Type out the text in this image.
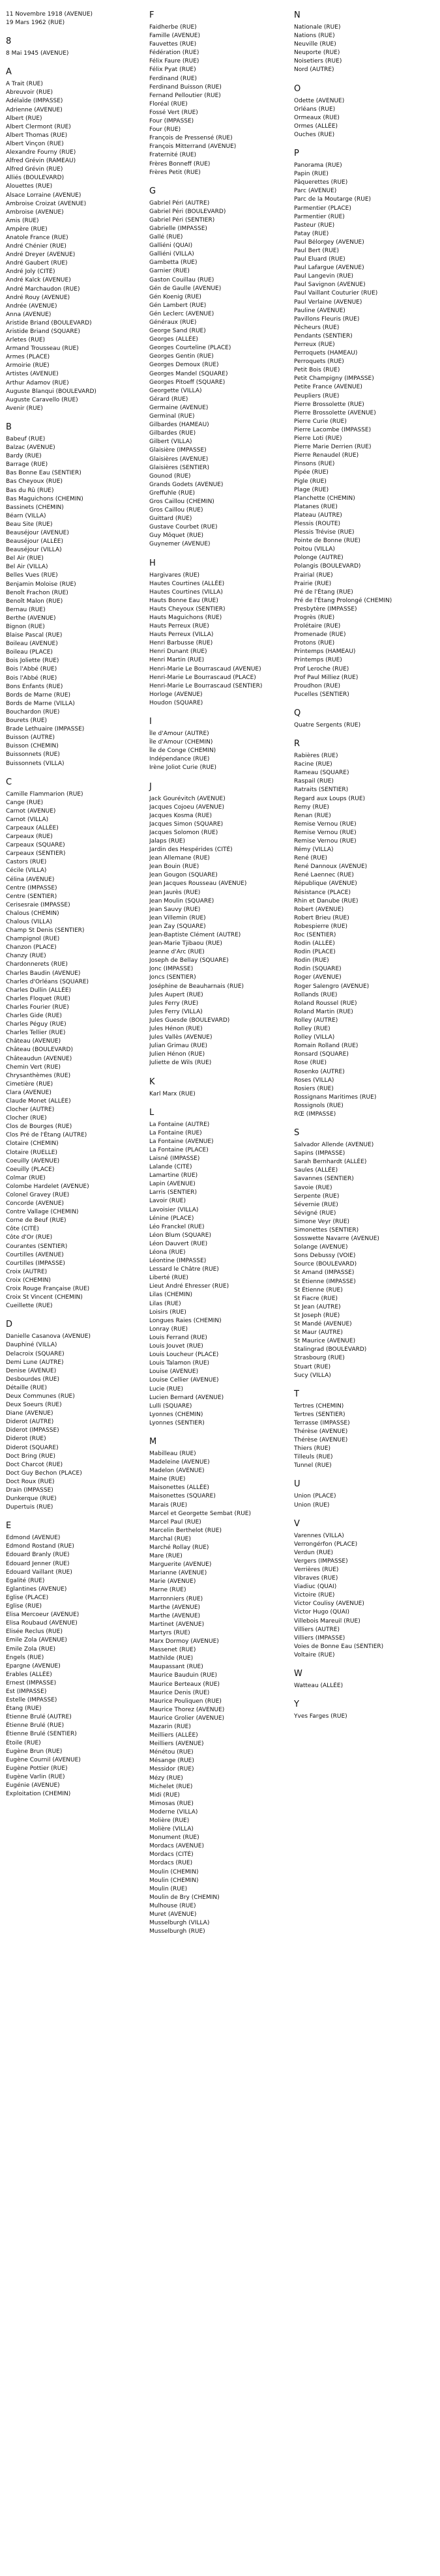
11 Novembre 1918 (AVENUE)
19 Mars 1962 (RUE)
8
8 Mai 1945 (AVENUE)
A
A Trait (RUE)
Abreuvoir (RUE)
Adélaïde (IMPASSE)
Adrienne (AVENUE)
Albert (RUE)
Albert Clermont (RUE)
Albert Thomas (RUE)
Albert Vinçon (RUE)
Alexandre Fourny (RUE)
Alfred Grévin (RAMEAU)
Alfred Grévin (RUE)
Alliés (BOULEVARD)
Alouettes (RUE)
Alsace Lorraine (AVENUE)
Ambroise Croizat (AVENUE)
Ambroise (AVENUE)
Amis (RUE)
Ampère (RUE)
Anatole France (RUE)
André Chénier (RUE)
André Dreyer (AVENUE)
André Gaubert (RUE)
André Joly (CITÉ)
André Kalck (AVENUE)
André Marchaudon (RUE)
André Rouy (AVENUE)
Andrée (AVENUE)
Anna (AVENUE)
Aristide Briand (BOULEVARD)
Aristide Briand (SQUARE)
Arletes (RUE)
Armand Trousseau (RUE)
Armes (PLACE)
Armoirie (RUE)
Artistes (AVENUE)
Arthur Adamov (RUE)
Auguste Blanqui (BOULEVARD)
Auguste Caravello (RUE)
Avenir (RUE)
B
Babeuf (RUE)
Balzac (AVENUE)
Bardy (RUE)
Barrage (RUE)
Bas Bonne Eau (SENTIER)
Bas Cheyoux (RUE)
Bas du Rû (RUE)
Bas Maguichons (CHEMIN)
Bassinets (CHEMIN)
Béarn (VILLA)
Beau Site (RUE)
Beauséjour (AVENUE)
Beauséjour (ALLÉE)
Beauséjour (VILLA)
Bel Air (RUE)
Bel Air (VILLA)
Belles Vues (RUE)
Benjamin Moloise (RUE)
Benoît Frachon (RUE)
Benoît Malon (RUE)
Bernau (RUE)
Berthe (AVENUE)
Bignon (RUE)
Blaise Pascal (RUE)
Boileau (AVENUE)
Boileau (PLACE)
Bois Joliette (RUE)
Bois l'Abbé (RUE)
Bois l'Abbé (RUE)
Bons Enfants (RUE)
Bords de Marne (RUE)
Bords de Marne (VILLA)
Bouchardon (RUE)
Bourets (RUE)
Brade Lethuaire (IMPASSE)
Buisson (AUTRE)
Buisson (CHEMIN)
Buissonnets (RUE)
Buissonnets (VILLA)
C
Camille Flammarion (RUE)
Cange (RUE)
Carnot (AVENUE)
Carnot (VILLA)
Carpeaux (ALLÉE)
Carpeaux (RUE)
Carpeaux (SQUARE)
Carpeaux (SENTIER)
Castors (RUE)
Cécile (VILLA)
Célina (AVENUE)
Centre (IMPASSE)
Centre (SENTIER)
Cerisesraie (IMPASSE)
Chalous (CHEMIN)
Chalous (VILLA)
Champ St Denis (SENTIER)
Champignol (RUE)
Chanzon (PLACE)
Chanzy (RUE)
Chardonnerets (RUE)
Charles Baudin (AVENUE)
Charles d'Orléans (SQUARE)
Charles Dullin (ALLÉE)
Charles Floquet (RUE)
Charles Fourier (RUE)
Charles Gide (RUE)
Charles Péguy (RUE)
Charles Tellier (RUE)
Château (AVENUE)
Château (BOULEVARD)
Châteaudun (AVENUE)
Chemin Vert (RUE)
Chrysanthèmes (RUE)
Cimetière (RUE)
Clara (AVENUE)
Claude Monet (ALLÉE)
Clocher (AUTRE)
Clocher (RUE)
Clos de Bourges (RUE)
Clos Pré de l'Étang (AUTRE)
Clotaire (CHEMIN)
Clotaire (RUELLE)
Coeuilly (AVENUE)
Coeuilly (PLACE)
Colmar (RUE)
Colombe Hardelet (AVENUE)
Colonel Gravey (RUE)
Concorde (AVENUE)
Contre Vallage (CHEMIN)
Corne de Beuf (RUE)
Côte (CITÉ)
Côte d'Or (RUE)
Courantes (SENTIER)
Courtilles (AVENUE)
Courtilles (IMPASSE)
Croix (AUTRE)
Croix (CHEMIN)
Croix Rouge Française (RUE)
Croix St Vincent (CHEMIN)
Cueillette (RUE)
D
Danielle Casanova (AVENUE)
Dauphiné (VILLA)
Delacroix (SQUARE)
Demi Lune (AUTRE)
Denise (AVENUE)
Desbourdes (RUE)
Détaille (RUE)
Deux Communes (RUE)
Deux Soeurs (RUE)
Diane (AVENUE)
Diderot (AUTRE)
Diderot (IMPASSE)
Diderot (RUE)
Diderot (SQUARE)
Doct Bring (RUE)
Doct Charcot (RUE)
Doct Guy Bechon (PLACE)
Doct Roux (RUE)
Drain (IMPASSE)
Dunkerque (RUE)
Dupertuis (RUE)
E
Edmond (AVENUE)
Edmond Rostand (RUE)
Edouard Branly (RUE)
Edouard Jenner (RUE)
Edouard Vaillant (RUE)
Egalité (RUE)
Eglantines (AVENUE)
Eglise (PLACE)
Eglise (RUE)
Elisa Mercoeur (AVENUE)
Elisa Roubaud (AVENUE)
Elisée Reclus (RUE)
Emile Zola (AVENUE)
Emile Zola (RUE)
Engels (RUE)
Epargne (AVENUE)
Erables (ALLÉE)
Ernest (IMPASSE)
Est (IMPASSE)
Estelle (IMPASSE)
Étang (RUE)
Étienne Brulé (AUTRE)
Étienne Brulé (RUE)
Étienne Brulé (SENTIER)
Étoile (RUE)
Eugène Brun (RUE)
Eugène Cournil (AVENUE)
Eugène Pottier (RUE)
Eugène Varlin (RUE)
Eugénie (AVENUE)
Exploitation (CHEMIN)
F
Faidherbe (RUE)
Famille (AVENUE)
Fauvettes (RUE)
Fédération (RUE)
Félix Faure (RUE)
Félix Pyat (RUE)
Ferdinand (RUE)
Ferdinand Buisson (RUE)
Fernand Pelloutier (RUE)
Floréal (RUE)
Fossé Vert (RUE)
Four (IMPASSE)
Four (RUE)
François de Pressensé (RUE)
François Mitterrand (AVENUE)
Fraternité (RUE)
Frères Bonneff (RUE)
Frères Petit (RUE)
G
Gabriel Péri (AUTRE)
Gabriel Péri (BOULEVARD)
Gabriel Péri (SENTIER)
Gabrielle (IMPASSE)
Gallé (RUE)
Galliéni (QUAI)
Galliéni (VILLA)
Gambetta (RUE)
Garnier (RUE)
Gaston Couillau (RUE)
Gén de Gaulle (AVENUE)
Gén Koenig (RUE)
Gén Lambert (RUE)
Gén Leclerc (AVENUE)
Généraux (RUE)
George Sand (RUE)
Georges (ALLÉE)
Georges Courteline (PLACE)
Georges Gentin (RUE)
Georges Demoux (RUE)
Georges Mandel (SQUARE)
Georges Pitoeff (SQUARE)
Georgette (VILLA)
Gérard (RUE)
Germaine (AVENUE)
Germinal (RUE)
Gilbardes (HAMEAU)
Gilbardes (RUE)
Gilbert (VILLA)
Glaisière (IMPASSE)
Glaisières (AVENUE)
Glaisières (SENTIER)
Gounod (RUE)
Grands Godets (AVENUE)
Greffuhle (RUE)
Gros Caillou (CHEMIN)
Gros Caillou (RUE)
Guittard (RUE)
Gustave Courbet (RUE)
Guy Môquet (RUE)
Guynemer (AVENUE)
H
Hargivares (RUE)
Hautes Courtines (ALLÉE)
Hautes Courtines (VILLA)
Hauts Bonne Eau (RUE)
Hauts Cheyoux (SENTIER)
Hauts Maguichons (RUE)
Hauts Perreux (RUE)
Hauts Perreux (VILLA)
Henri Barbusse (RUE)
Henri Dunant (RUE)
Henri Martin (RUE)
Henri-Marie Le Bourrascaud (AVENUE)
Henri-Marie Le Bourrascaud (PLACE)
Henri-Marie Le Bourrascaud (SENTIER)
Horloge (AVENUE)
Houdon (SQUARE)
I
Île d'Amour (AUTRE)
Île d'Amour (CHEMIN)
Île de Conge (CHEMIN)
Indépendance (RUE)
Irène Joliot Curie (RUE)
J
Jack Gourévitch (AVENUE)
Jacques Cojoeu (AVENUE)
Jacques Kosma (RUE)
Jacques Simon (SQUARE)
Jacques Solomon (RUE)
Jalaps (RUE)
Jardin des Hespérides (CITÉ)
Jean Allemane (RUE)
Jean Bouin (RUE)
Jean Gougon (SQUARE)
Jean Jacques Rousseau (AVENUE)
Jean Jaurès (RUE)
Jean Moulin (SQUARE)
Jean Sauvy (RUE)
Jean Villemin (RUE)
Jean Zay (SQUARE)
Jean-Baptiste Clément (AUTRE)
Jean-Marie Tjibaou (RUE)
Jeanne d'Arc (RUE)
Joseph de Bellay (SQUARE)
Jonc (IMPASSE)
Joncs (SENTIER)
Joséphine de Beauharnais (RUE)
Jules Aupert (RUE)
Jules Ferry (RUE)
Jules Ferry (VILLA)
Jules Guesde (BOULEVARD)
Jules Hénon (RUE)
Jules Vallès (AVENUE)
Julian Grimau (RUE)
Julien Hénon (RUE)
Juliette de Wils (RUE)
K
Karl Marx (RUE)
L
La Fontaine (AUTRE)
La Fontaine (RUE)
La Fontaine (AVENUE)
La Fontaine (PLACE)
Laisné (IMPASSE)
Lalande (CITÉ)
Lamartine (RUE)
Lapin (AVENUE)
Larris (SENTIER)
Lavoir (RUE)
Lavoisier (VILLA)
Lénine (PLACE)
Léo Franckel (RUE)
Léon Blum (SQUARE)
Léon Dauvert (RUE)
Léona (RUE)
Léontine (IMPASSE)
Lessard le Châtre (RUE)
Liberté (RUE)
Lieut André Ehresser (RUE)
Lilas (CHEMIN)
Lilas (RUE)
Loisirs (RUE)
Longues Raies (CHEMIN)
Lonray (RUE)
Louis Ferrand (RUE)
Louis Jouvet (RUE)
Louis Loucheur (PLACE)
Louis Talamon (RUE)
Louise (AVENUE)
Louise Cellier (AVENUE)
Lucie (RUE)
Lucien Bernard (AVENUE)
Lulli (SQUARE)
Lyonnes (CHEMIN)
Lyonnes (SENTIER)
M
Mabilleau (RUE)
Madeleine (AVENUE)
Madelon (AVENUE)
Maine (RUE)
Maisonettes (ALLÉE)
Maisonettes (SQUARE)
Marais (RUE)
Marcel et Georgette Sembat (RUE)
Marcel Paul (RUE)
Marcelin Berthelot (RUE)
Marchal (RUE)
Marché Rollay (RUE)
Mare (RUE)
Marguerite (AVENUE)
Marianne (AVENUE)
Marie (AVENUE)
Marne (RUE)
Marronniers (RUE)
Marthe (AVENUE)
Marthe (AVENUE)
Martinet (AVENUE)
Martyrs (RUE)
Marx Dormoy (AVENUE)
Massenet (RUE)
Mathilde (RUE)
Maupassant (RUE)
Maurice Bauduin (RUE)
Maurice Berteaux (RUE)
Maurice Denis (RUE)
Maurice Pouliquen (RUE)
Maurice Thorez (AVENUE)
Maurice Grolier (AVENUE)
Mazarin (RUE)
Meilliers (ALLÉE)
Meilliers (AVENUE)
Ménétou (RUE)
Mésange (RUE)
Messidor (RUE)
Mézy (RUE)
Michelet (RUE)
Midi (RUE)
Mimosas (RUE)
Moderne (VILLA)
Molière (RUE)
Molière (VILLA)
Monument (RUE)
Mordacs (AVENUE)
Mordacs (CITÉ)
Mordacs (RUE)
Moulin (CHEMIN)
Moulin (CHEMIN)
Moulin (RUE)
Moulin de Bry (CHEMIN)
Mulhouse (RUE)
Muret (AVENUE)
Musselburgh (VILLA)
Musselburgh (RUE)
N
Nationale (RUE)
Nations (RUE)
Neuville (RUE)
Neuporte (RUE)
Noisetiers (RUE)
Nord (AUTRE)
O
Odette (AVENUE)
Orléans (RUE)
Ormeaux (RUE)
Ormes (ALLÉE)
Ouches (RUE)
P
Panorama (RUE)
Papin (RUE)
Pâquerettes (RUE)
Parc (AVENUE)
Parc de la Moutarge (RUE)
Parmentier (PLACE)
Parmentier (RUE)
Pasteur (RUE)
Patay (RUE)
Paul Bélorgey (AVENUE)
Paul Bert (RUE)
Paul Eluard (RUE)
Paul Lafargue (AVENUE)
Paul Langevin (RUE)
Paul Savignon (AVENUE)
Paul Vaillant Couturier (RUE)
Paul Verlaine (AVENUE)
Pauline (AVENUE)
Pavillons Fleuris (RUE)
Pêcheurs (RUE)
Pendants (SENTIER)
Perreux (RUE)
Perroquets (HAMEAU)
Perroquets (RUE)
Petit Bois (RUE)
Petit Champigny (IMPASSE)
Petite France (AVENUE)
Peupliers (RUE)
Pierre Brossolette (RUE)
Pierre Brossolette (AVENUE)
Pierre Curie (RUE)
Pierre Lacombe (IMPASSE)
Pierre Loti (RUE)
Pierre Marie Derrien (RUE)
Pierre Renaudel (RUE)
Pinsons (RUE)
Pipée (RUE)
Pigle (RUE)
Plage (RUE)
Planchette (CHEMIN)
Platanes (RUE)
Plateau (AUTRE)
Plessis (ROUTE)
Plessis Trévise (RUE)
Pointe de Bonne (RUE)
Poitou (VILLA)
Polonge (AUTRE)
Polangis (BOULEVARD)
Prairial (RUE)
Prairie (RUE)
Pré de l'Étang (RUE)
Pré de l'Étang Prolongé (CHEMIN)
Presbytère (IMPASSE)
Progrès (RUE)
Prolétaire (RUE)
Promenade (RUE)
Protons (RUE)
Printemps (HAMEAU)
Printemps (RUE)
Prof Leroche (RUE)
Prof Paul Milliez (RUE)
Proudhon (RUE)
Pucelles (SENTIER)
Q
Quatre Sergents (RUE)
R
Rabières (RUE)
Racine (RUE)
Rameau (SQUARE)
Raspail (RUE)
Ratraits (SENTIER)
Regard aux Loups (RUE)
Remy (RUE)
Renan (RUE)
Remise Vernou (RUE)
Remise Vernou (RUE)
Remise Vernou (RUE)
Rémy (VILLA)
René (RUE)
René Dannoux (AVENUE)
René Laennec (RUE)
République (AVENUE)
Résistance (PLACE)
Rhin et Danube (RUE)
Robert (AVENUE)
Robert Brieu (RUE)
Robespierre (RUE)
Roc (SENTIER)
Rodin (ALLÉE)
Rodin (PLACE)
Rodin (RUE)
Rodin (SQUARE)
Roger (AVENUE)
Roger Salengro (AVENUE)
Rollands (RUE)
Roland Roussel (RUE)
Roland Martin (RUE)
Rolley (AUTRE)
Rolley (RUE)
Rolley (VILLA)
Romain Rolland (RUE)
Ronsard (SQUARE)
Rose (RUE)
Rosenko (AUTRE)
Roses (VILLA)
Rosiers (RUE)
Rossignans Maritimes (RUE)
Rossignols (RUE)
RŒ (IMPASSE)
S
Salvador Allende (AVENUE)
Sapins (IMPASSE)
Sarah Bernhardt (ALLÉE)
Saules (ALLÉE)
Savannes (SENTIER)
Savoie (RUE)
Serpente (RUE)
Sévernie (RUE)
Sévigné (RUE)
Simone Veyr (RUE)
Simonettes (SENTIER)
Sosswette Navarre (AVENUE)
Solange (AVENUE)
Sons Debussy (VOIE)
Source (BOULEVARD)
St Amand (IMPASSE)
St Étienne (IMPASSE)
St Étienne (RUE)
St Fiacre (RUE)
St Jean (AUTRE)
St Joseph (RUE)
St Mandé (AVENUE)
St Maur (AUTRE)
St Maurice (AVENUE)
Stalingrad (BOULEVARD)
Strasbourg (RUE)
Stuart (RUE)
Sucy (VILLA)
T
Tertres (CHEMIN)
Tertres (SENTIER)
Terrasse (IMPASSE)
Thérèse (AVENUE)
Thérèse (AVENUE)
Thiers (RUE)
Tilleuls (RUE)
Tunnel (RUE)
U
Union (PLACE)
Union (RUE)
V
Varennes (VILLA)
Verrongérfon (PLACE)
Verdun (RUE)
Vergers (IMPASSE)
Verrières (RUE)
Vibraves (RUE)
Viadiuc (QUAI)
Victoire (RUE)
Victor Coulisy (AVENUE)
Victor Hugo (QUAI)
Villebois Mareuil (RUE)
Villiers (AUTRE)
Villiers (IMPASSE)
Voies de Bonne Eau (SENTIER)
Voltaire (RUE)
W
Watteau (ALLÉE)
Y
Yves Farges (RUE)
